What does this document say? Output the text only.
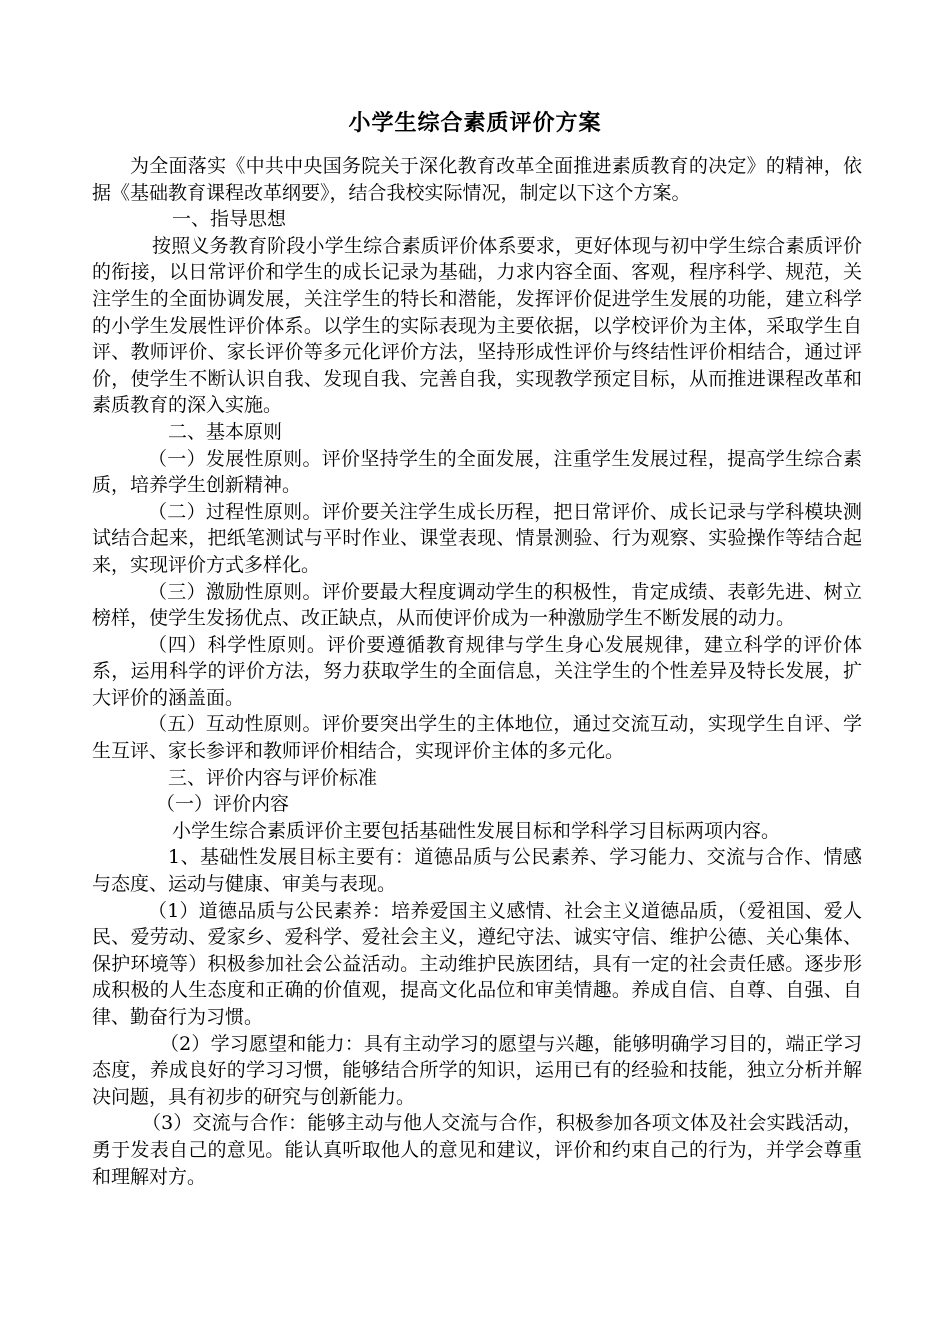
小学生综合素质评价方案

为全面落实《中共中央国务院关于深化教育改革全面推进素质教育的决定》的精神，依据《基础教育课程改革纲要》，结合我校实际情况，制定以下这个方案。

一、指导思想

按照义务教育阶段小学生综合素质评价体系要求，更好体现与初中学生综合素质评价的衔接，以日常评价和学生的成长记录为基础，力求内容全面、客观，程序科学、规范，关注学生的全面协调发展，关注学生的特长和潜能，发挥评价促进学生发展的功能，建立科学的小学生发展性评价体系。以学生的实际表现为主要依据，以学校评价为主体，采取学生自评、教师评价、家长评价等多元化评价方法，坚持形成性评价与终结性评价相结合，通过评价，使学生不断认识自我、发现自我、完善自我，实现教学预定目标，从而推进课程改革和素质教育的深入实施。

二、基本原则

（一）发展性原则。评价坚持学生的全面发展，注重学生发展过程，提高学生综合素质，培养学生创新精神。

（二）过程性原则。评价要关注学生成长历程，把日常评价、成长记录与学科模块测试结合起来，把纸笔测试与平时作业、课堂表现、情景测验、行为观察、实验操作等结合起来，实现评价方式多样化。

（三）激励性原则。评价要最大程度调动学生的积极性，肯定成绩、表彰先进、树立榜样，使学生发扬优点、改正缺点，从而使评价成为一种激励学生不断发展的动力。

（四）科学性原则。评价要遵循教育规律与学生身心发展规律，建立科学的评价体系，运用科学的评价方法，努力获取学生的全面信息，关注学生的个性差异及特长发展，扩大评价的涵盖面。

（五）互动性原则。评价要突出学生的主体地位，通过交流互动，实现学生自评、学生互评、家长参评和教师评价相结合，实现评价主体的多元化。

三、评价内容与评价标准

（一）评价内容

小学生综合素质评价主要包括基础性发展目标和学科学习目标两项内容。

1、基础性发展目标主要有：道德品质与公民素养、学习能力、交流与合作、情感与态度、运动与健康、审美与表现。

（1）道德品质与公民素养：培养爱国主义感情、社会主义道德品质，（爱祖国、爱人民、爱劳动、爱家乡、爱科学、爱社会主义，遵纪守法、诚实守信、维护公德、关心集体、保护环境等）积极参加社会公益活动。主动维护民族团结，具有一定的社会责任感。逐步形成积极的人生态度和正确的价值观，提高文化品位和审美情趣。养成自信、自尊、自强、自律、勤奋行为习惯。

（2）学习愿望和能力：具有主动学习的愿望与兴趣，能够明确学习目的，端正学习态度，养成良好的学习习惯，能够结合所学的知识，运用已有的经验和技能，独立分析并解决问题，具有初步的研究与创新能力。

（3）交流与合作：能够主动与他人交流与合作，积极参加各项文体及社会实践活动，勇于发表自己的意见。能认真听取他人的意见和建议，评价和约束自己的行为，并学会尊重和理解对方。
